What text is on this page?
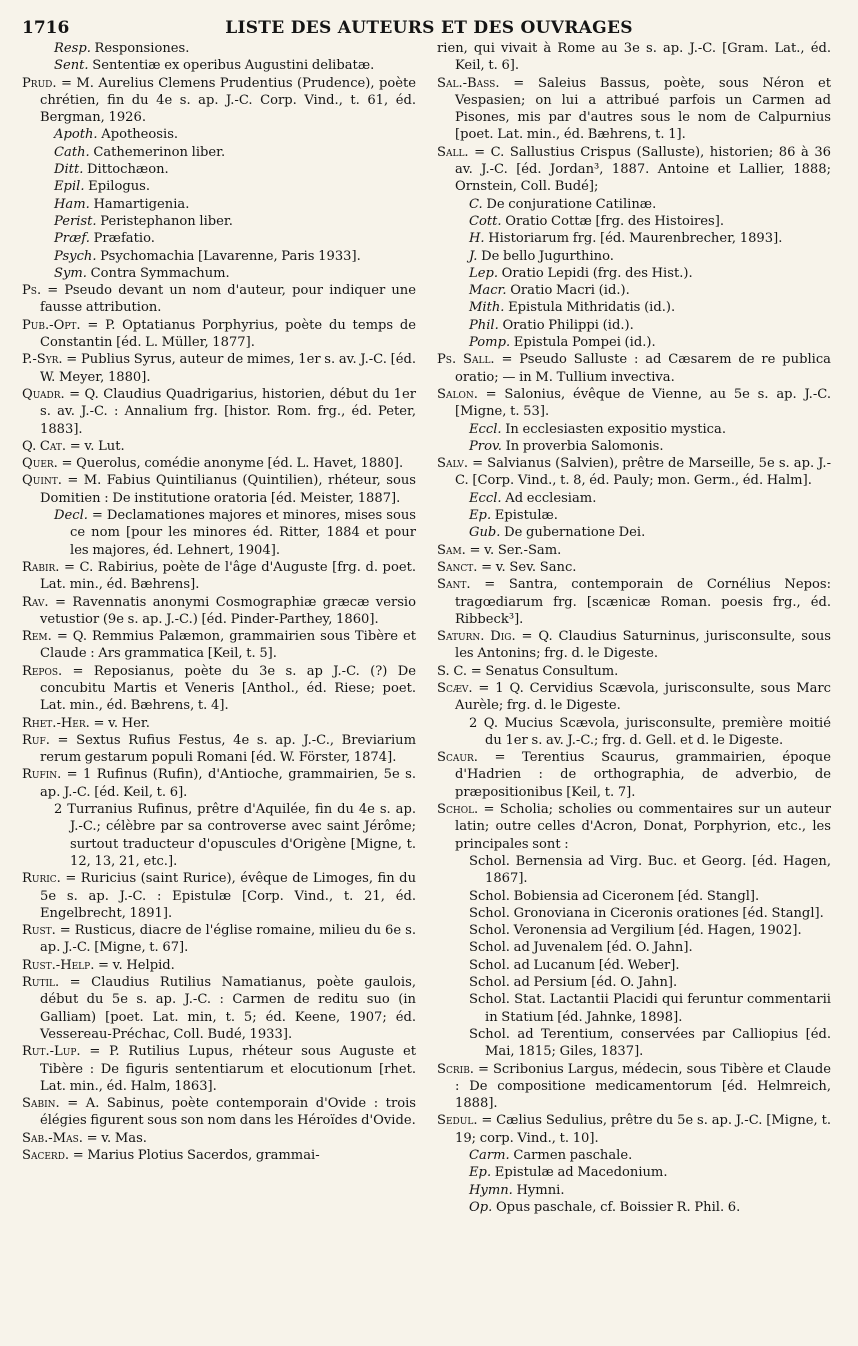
1716	LISTE DES AUTEURS ET DES OUVRAGES

Resp. Responsiones.

Sent. Sententiæ ex operibus Augustini delibatæ.

Prud. = M. Aurelius Clemens Prudentius (Prudence), poète chrétien, fin du 4e s. ap. J.-C. Corp. Vind., t. 61, éd. Bergman, 1926.

Apoth. Apotheosis.

Cath. Cathemerinon liber.

Ditt. Dittochæon.

Epil. Epilogus.

Ham. Hamartigenia.

Perist. Peristephanon liber.

Præf. Præfatio.

Psych. Psychomachia [Lavarenne, Paris 1933].

Sym. Contra Symmachum.

Ps. = Pseudo devant un nom d'auteur, pour indiquer une fausse attribution.

Pub.-Opt. = P. Optatianus Porphyrius, poète du temps de Constantin [éd. L. Müller, 1877].

P.-Syr. = Publius Syrus, auteur de mimes, 1er s. av. J.-C. [éd. W. Meyer, 1880].

Quadr. = Q. Claudius Quadrigarius, historien, début du 1er s. av. J.-C. : Annalium frg. [histor. Rom. frg., éd. Peter, 1883].

Q. Cat. = v. Lut.

Quer. = Querolus, comédie anonyme [éd. L. Havet, 1880].

Quint. = M. Fabius Quintilianus (Quintilien), rhéteur, sous Domitien : De institutione oratoria [éd. Meister, 1887].

Decl. = Declamationes majores et minores, mises sous ce nom [pour les minores éd. Ritter, 1884 et pour les majores, éd. Lehnert, 1904].

Rabir. = C. Rabirius, poète de l'âge d'Auguste [frg. d. poet. Lat. min., éd. Bæhrens].

Rav. = Ravennatis anonymi Cosmographiæ græcæ versio vetustior (9e s. ap. J.-C.) [éd. Pinder-Parthey, 1860].

Rem. = Q. Remmius Palæmon, grammairien sous Tibère et Claude : Ars grammatica [Keil, t. 5].

Repos. = Reposianus, poète du 3e s. ap J.-C. (?) De concubitu Martis et Veneris [Anthol., éd. Riese; poet. Lat. min., éd. Bæhrens, t. 4].

Rhet.-Her. = v. Her.

Ruf. = Sextus Rufius Festus, 4e s. ap. J.-C., Breviarium rerum gestarum populi Romani [éd. W. Förster, 1874].

Rufin. = 1 Rufinus (Rufin), d'Antioche, grammairien, 5e s. ap. J.-C. [éd. Keil, t. 6].

2 Turranius Rufinus, prêtre d'Aquilée, fin du 4e s. ap. J.-C.; célèbre par sa controverse avec saint Jérôme; surtout traducteur d'opuscules d'Origène [Migne, t. 12, 13, 21, etc.].

Ruric. = Ruricius (saint Rurice), évêque de Limoges, fin du 5e s. ap. J.-C. : Epistulæ [Corp. Vind., t. 21, éd. Engelbrecht, 1891].

Rust. = Rusticus, diacre de l'église romaine, milieu du 6e s. ap. J.-C. [Migne, t. 67].

Rust.-Help. = v. Helpid.

Rutil. = Claudius Rutilius Namatianus, poète gaulois, début du 5e s. ap. J.-C. : Carmen de reditu suo (in Galliam) [poet. Lat. min, t. 5; éd. Keene, 1907; éd. Vessereau-Préchac, Coll. Budé, 1933].

Rut.-Lup. = P. Rutilius Lupus, rhéteur sous Auguste et Tibère : De figuris sententiarum et elocutionum [rhet. Lat. min., éd. Halm, 1863].

Sabin. = A. Sabinus, poète contemporain d'Ovide : trois élégies figurent sous son nom dans les Héroïdes d'Ovide.

Sab.-Mas. = v. Mas.

Sacerd. = Marius Plotius Sacerdos, grammai-

rien, qui vivait à Rome au 3e s. ap. J.-C. [Gram. Lat., éd. Keil, t. 6].

Sal.-Bass. = Saleius Bassus, poète, sous Néron et Vespasien; on lui a attribué parfois un Carmen ad Pisones, mis par d'autres sous le nom de Calpurnius [poet. Lat. min., éd. Bæhrens, t. 1].

Sall. = C. Sallustius Crispus (Salluste), historien; 86 à 36 av. J.-C. [éd. Jordan³, 1887. Antoine et Lallier, 1888; Ornstein, Coll. Budé];

C. De conjuratione Catilinæ.

Cott. Oratio Cottæ [frg. des Histoires].

H. Historiarum frg. [éd. Maurenbrecher, 1893].

J. De bello Jugurthino.

Lep. Oratio Lepidi (frg. des Hist.).

Macr. Oratio Macri (id.).

Mith. Epistula Mithridatis (id.).

Phil. Oratio Philippi (id.).

Pomp. Epistula Pompei (id.).

Ps. Sall. = Pseudo Salluste : ad Cæsarem de re publica oratio; — in M. Tullium invectiva.

Salon. = Salonius, évêque de Vienne, au 5e s. ap. J.-C. [Migne, t. 53].

Eccl. In ecclesiasten expositio mystica.

Prov. In proverbia Salomonis.

Salv. = Salvianus (Salvien), prêtre de Marseille, 5e s. ap. J.-C. [Corp. Vind., t. 8, éd. Pauly; mon. Germ., éd. Halm].

Eccl. Ad ecclesiam.

Ep. Epistulæ.

Gub. De gubernatione Dei.

Sam. = v. Ser.-Sam.

Sanct. = v. Sev. Sanc.

Sant. = Santra, contemporain de Cornélius Nepos: tragœdiarum frg. [scænicæ Roman. poesis frg., éd. Ribbeck³].

Saturn. Dig. = Q. Claudius Saturninus, jurisconsulte, sous les Antonins; frg. d. le Digeste.

S. C. = Senatus Consultum.

Scæv. = 1 Q. Cervidius Scævola, jurisconsulte, sous Marc Aurèle; frg. d. le Digeste.

2 Q. Mucius Scævola, jurisconsulte, première moitié du 1er s. av. J.-C.; frg. d. Gell. et d. le Digeste.

Scaur. = Terentius Scaurus, grammairien, époque d'Hadrien : de orthographia, de adverbio, de præpositionibus [Keil, t. 7].

Schol. = Scholia; scholies ou commentaires sur un auteur latin; outre celles d'Acron, Donat, Porphyrion, etc., les principales sont :

Schol. Bernensia ad Virg. Buc. et Georg. [éd. Hagen, 1867].

Schol. Bobiensia ad Ciceronem [éd. Stangl].

Schol. Gronoviana in Ciceronis orationes [éd. Stangl].

Schol. Veronensia ad Vergilium [éd. Hagen, 1902].

Schol. ad Juvenalem [éd. O. Jahn].

Schol. ad Lucanum [éd. Weber].

Schol. ad Persium [éd. O. Jahn].

Schol. Stat. Lactantii Placidi qui feruntur commentarii in Statium [éd. Jahnke, 1898].

Schol. ad Terentium, conservées par Calliopius [éd. Mai, 1815; Giles, 1837].

Scrib. = Scribonius Largus, médecin, sous Tibère et Claude : De compositione medicamentorum [éd. Helmreich, 1888].

Sedul. = Cælius Sedulius, prêtre du 5e s. ap. J.-C. [Migne, t. 19; corp. Vind., t. 10].

Carm. Carmen paschale.

Ep. Epistulæ ad Macedonium.

Hymn. Hymni.

Op. Opus paschale, cf. Boissier R. Phil. 6.
